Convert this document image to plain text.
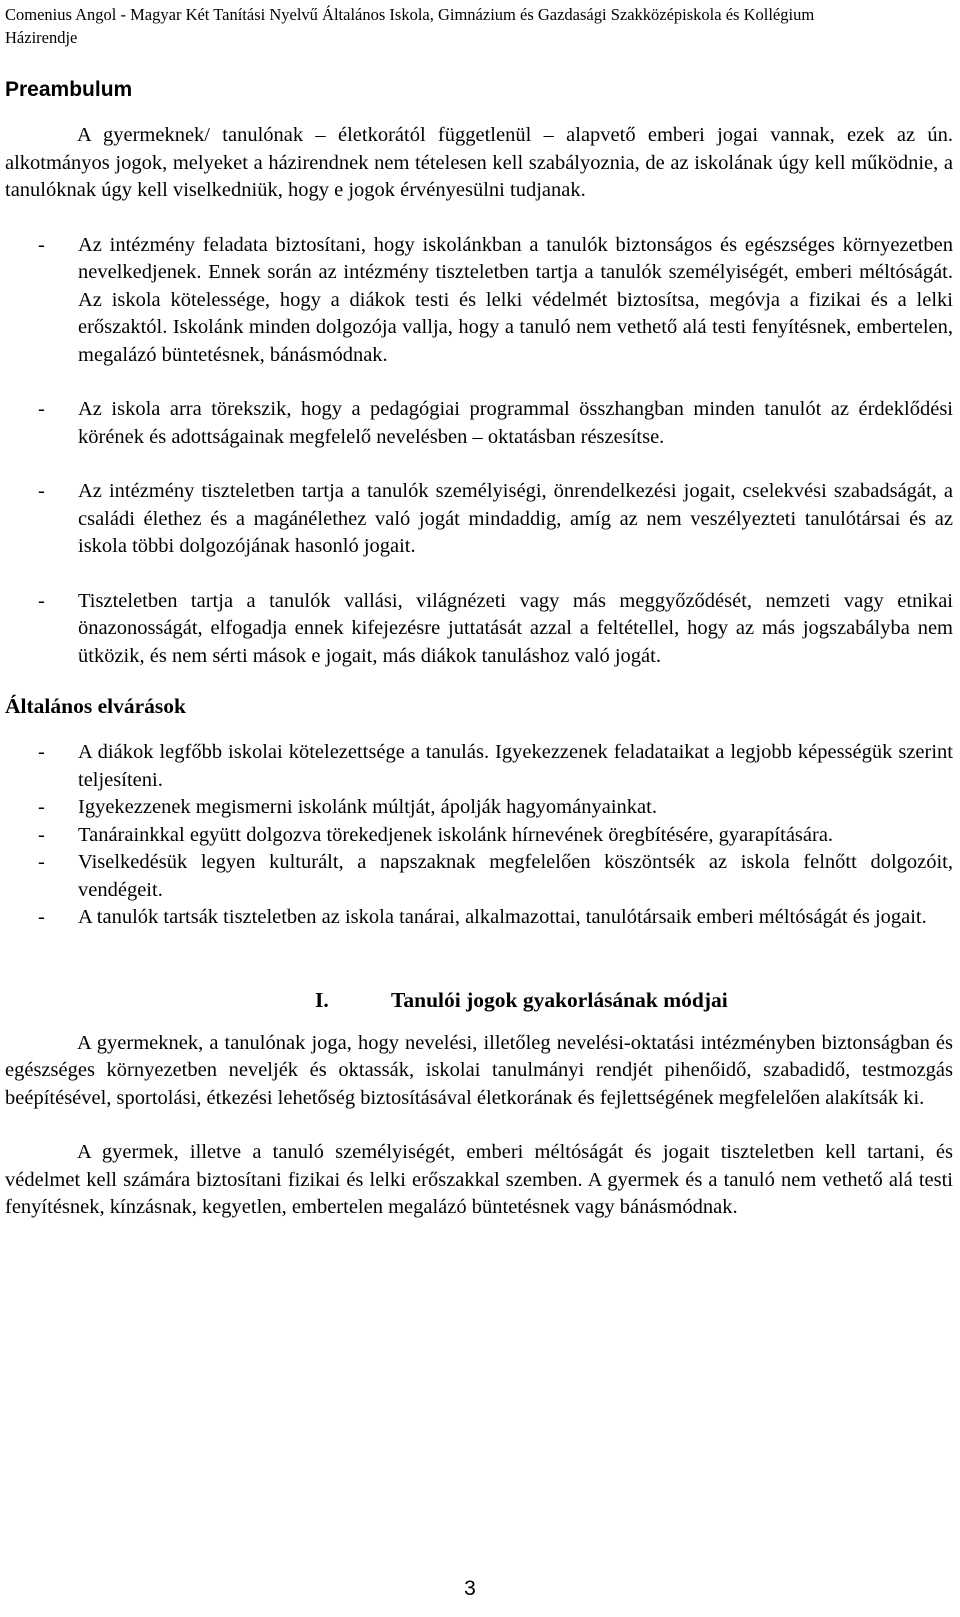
Comenius Angol - Magyar Két Tanítási Nyelvű Általános Iskola, Gimnázium és Gazdasági Szakközépiskola és Kollégium
Házirendje
Preambulum

A gyermeknek/ tanulónak – életkorától függetlenül – alapvető emberi jogai vannak, ezek az ún. alkotmányos jogok, melyeket a házirendnek nem tételesen kell szabályoznia, de az iskolának úgy kell működnie, a tanulóknak úgy kell viselkedniük, hogy e jogok érvényesülni tudjanak.

- Az intézmény feladata biztosítani, hogy iskolánkban a tanulók biztonságos és egészséges környezetben nevelkedjenek. Ennek során az intézmény tiszteletben tartja a tanulók személyiségét, emberi méltóságát. Az iskola kötelessége, hogy a diákok testi és lelki védelmét biztosítsa, megóvja a fizikai és a lelki erőszaktól. Iskolánk minden dolgozója vallja, hogy a tanuló nem vethető alá testi fenyítésnek, embertelen, megalázó büntetésnek, bánásmódnak.
- Az iskola arra törekszik, hogy a pedagógiai programmal összhangban minden tanulót az érdeklődési körének és adottságainak megfelelő nevelésben – oktatásban részesítse.
- Az intézmény tiszteletben tartja a tanulók személyiségi, önrendelkezési jogait, cselekvési szabadságát, a családi élethez és a magánélethez való jogát mindaddig, amíg az nem veszélyezteti tanulótársai és az iskola többi dolgozójának hasonló jogait.
- Tiszteletben tartja a tanulók vallási, világnézeti vagy más meggyőződését, nemzeti vagy etnikai önazonosságát, elfogadja ennek kifejezésre juttatását azzal a feltétellel, hogy az más jogszabályba nem ütközik, és nem sérti mások e jogait, más diákok tanuláshoz való jogát.
Általános elvárások
- A diákok legfőbb iskolai kötelezettsége a tanulás. Igyekezzenek feladataikat a legjobb képességük szerint teljesíteni.
- Igyekezzenek megismerni iskolánk múltját, ápolják hagyományainkat.
- Tanárainkkal együtt dolgozva törekedjenek iskolánk hírnevének öregbítésére, gyarapítására.
- Viselkedésük legyen kulturált, a napszaknak megfelelően köszöntsék az iskola felnőtt dolgozóit, vendégeit.
- A tanulók tartsák tiszteletben az iskola tanárai, alkalmazottai, tanulótársaik emberi méltóságát és jogait.
I.	Tanulói jogok gyakorlásának módjai

A gyermeknek, a tanulónak joga, hogy nevelési, illetőleg nevelési-oktatási intézményben biztonságban és egészséges környezetben neveljék és oktassák, iskolai tanulmányi rendjét pihenőidő, szabadidő, testmozgás beépítésével, sportolási, étkezési lehetőség biztosításával életkorának és fejlettségének megfelelően alakítsák ki.

A gyermek, illetve a tanuló személyiségét, emberi méltóságát és jogait tiszteletben kell tartani, és védelmet kell számára biztosítani fizikai és lelki erőszakkal szemben. A gyermek és a tanuló nem vethető alá testi fenyítésnek, kínzásnak, kegyetlen, embertelen megalázó büntetésnek vagy bánásmódnak.

3
